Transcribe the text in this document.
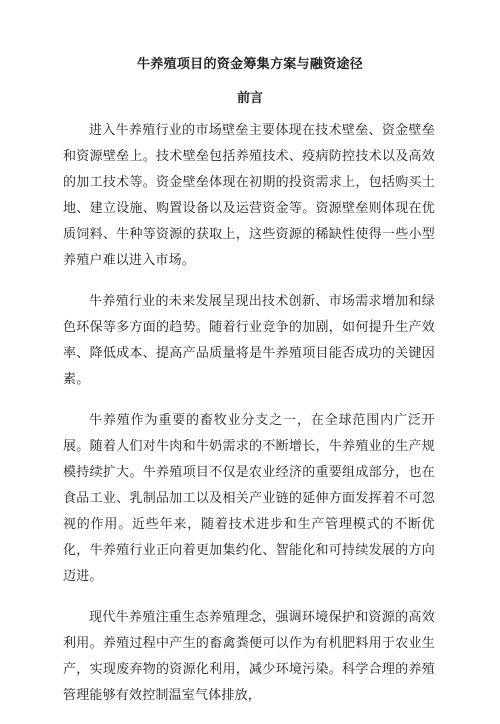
牛养殖项目的资金筹集方案与融资途径
前言

进入牛养殖行业的市场壁垒主要体现在技术壁垒、资金壁垒和资源壁垒上。技术壁垒包括养殖技术、疫病防控技术以及高效的加工技术等。资金壁垒体现在初期的投资需求上，包括购买土地、建立设施、购置设备以及运营资金等。资源壁垒则体现在优质饲料、牛种等资源的获取上，这些资源的稀缺性使得一些小型养殖户难以进入市场。

牛养殖行业的未来发展呈现出技术创新、市场需求增加和绿色环保等多方面的趋势。随着行业竞争的加剧，如何提升生产效率、降低成本、提高产品质量将是牛养殖项目能否成功的关键因素。

牛养殖作为重要的畜牧业分支之一，在全球范围内广泛开展。随着人们对牛肉和牛奶需求的不断增长，牛养殖业的生产规模持续扩大。牛养殖项目不仅是农业经济的重要组成部分，也在食品工业、乳制品加工以及相关产业链的延伸方面发挥着不可忽视的作用。近些年来，随着技术进步和生产管理模式的不断优化，牛养殖行业正向着更加集约化、智能化和可持续发展的方向迈进。

现代牛养殖注重生态养殖理念，强调环境保护和资源的高效利用。养殖过程中产生的畜禽粪便可以作为有机肥料用于农业生产，实现废弃物的资源化利用，减少环境污染。科学合理的养殖管理能够有效控制温室气体排放，
